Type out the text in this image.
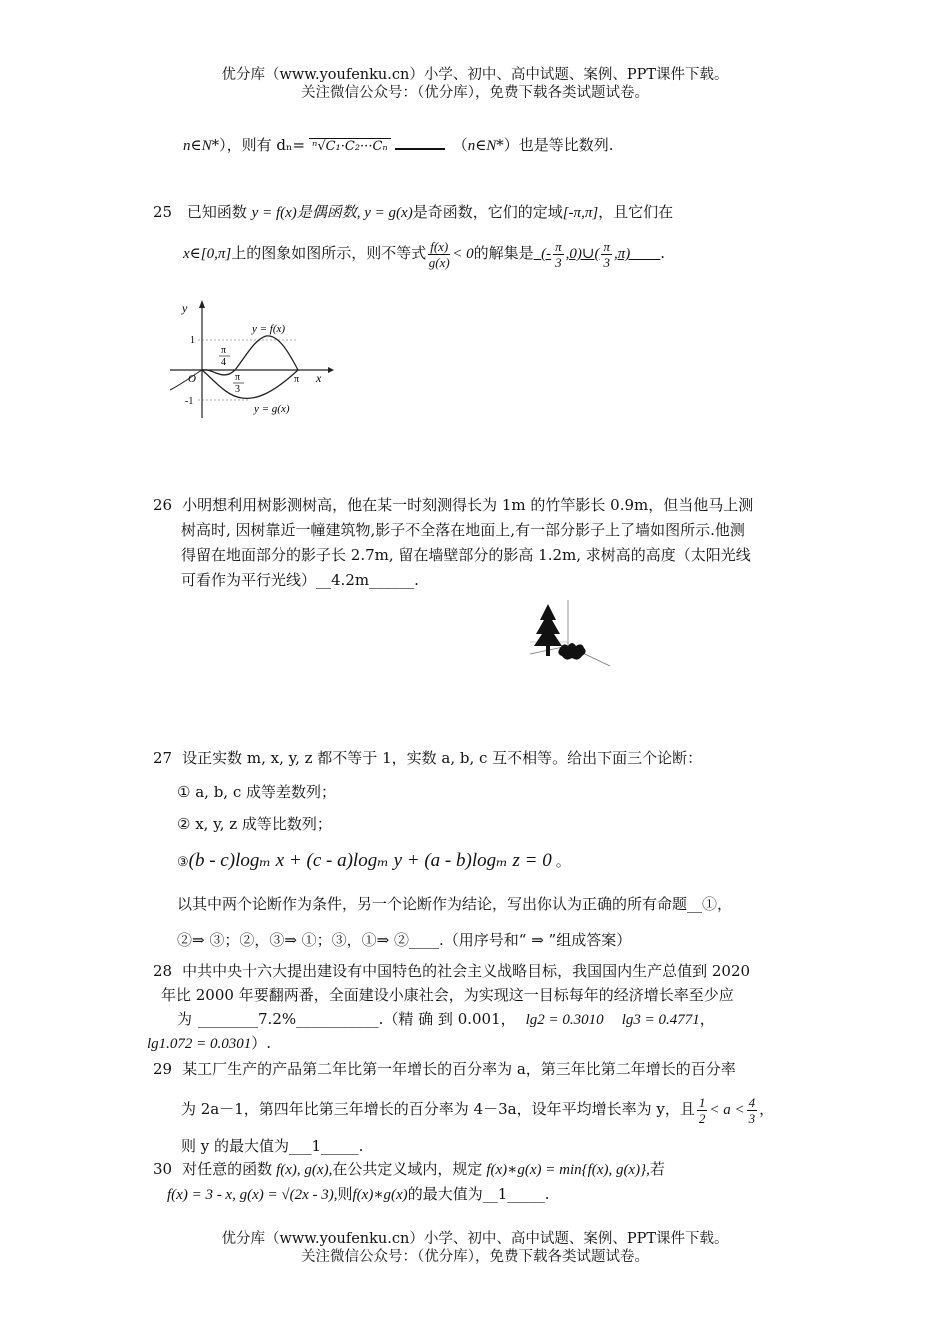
优分库（www.youfenku.cn）小学、初中、高中试题、案例、PPT课件下载。
关注微信公众号：（优分库），免费下载各类试题试卷。
n∈N*），则有 dₙ= ⁿ√C₁·C₂···Cₙ	（n∈N*）也是等比数列.
25 已知函数 y = f(x)是偶函数, y = g(x)是奇函数，它们的定域[-π,π]，且它们在
x∈[0,π]上的图象如图所示，则不等式 $\frac{f(x)}{g(x)} < 0$的解集是  (- $\frac{\pi}{3}$ ,0)∪( $\frac{\pi}{3} ,\pi$)     .
y
x
1
-1
O
π
4
π
3
π
y = f(x)
y = g(x)
26 小明想利用树影测树高，他在某一时刻测得长为 1m 的竹竿影长 0.9m，但当他马上测
树高时, 因树靠近一幢建筑物,影子不全落在地面上,有一部分影子上了墙如图所示.他测
得留在地面部分的影子长 2.7m, 留在墙壁部分的影高 1.2m, 求树高的高度（太阳光线
可看作为平行光线）__4.2m______.
27 设正实数 m, x, y, z 都不等于 1，实数 a, b, c 互不相等。给出下面三个论断：
① a, b, c 成等差数列；
② x, y, z 成等比数列；
③(b - c)logₘ x + (c - a)logₘ y + (a - b)logₘ z = 0 。
以其中两个论断作为条件，另一个论断作为结论，写出你认为正确的所有命题__①，
②⇒ ③；②，③⇒ ①；③，①⇒ ②____.（用序号和“ ⇒ ”组成答案）
28 中共中央十六大提出建设有中国特色的社会主义战略目标，我国国内生产总值到 2020
年比 2000 年要翻两番，全面建设小康社会，为实现这一目标每年的经济增长率至少应
为 ________7.2%___________.（精 确 到 0.001， lg2 = 0.3010 lg3 = 0.4771，
lg1.072 = 0.0301）.
29 某工厂生产的产品第二年比第一年增长的百分率为 a，第三年比第二年增长的百分率
为 2a－1，第四年比第三年增长的百分率为 4－3a，设年平均增长率为 y，且 $\frac{1}{2} < a < \frac{4}{3}$ ，
则 y 的最大值为___1_____.
30 对任意的函数 f(x), g(x),在公共定义域内，规定 f(x)∗g(x) = min{f(x), g(x)},若
f(x) = 3 - x, g(x) = √(2x - 3),则f(x)∗g(x)的最大值为__1_____.
优分库（www.youfenku.cn）小学、初中、高中试题、案例、PPT课件下载。
关注微信公众号：（优分库），免费下载各类试题试卷。
